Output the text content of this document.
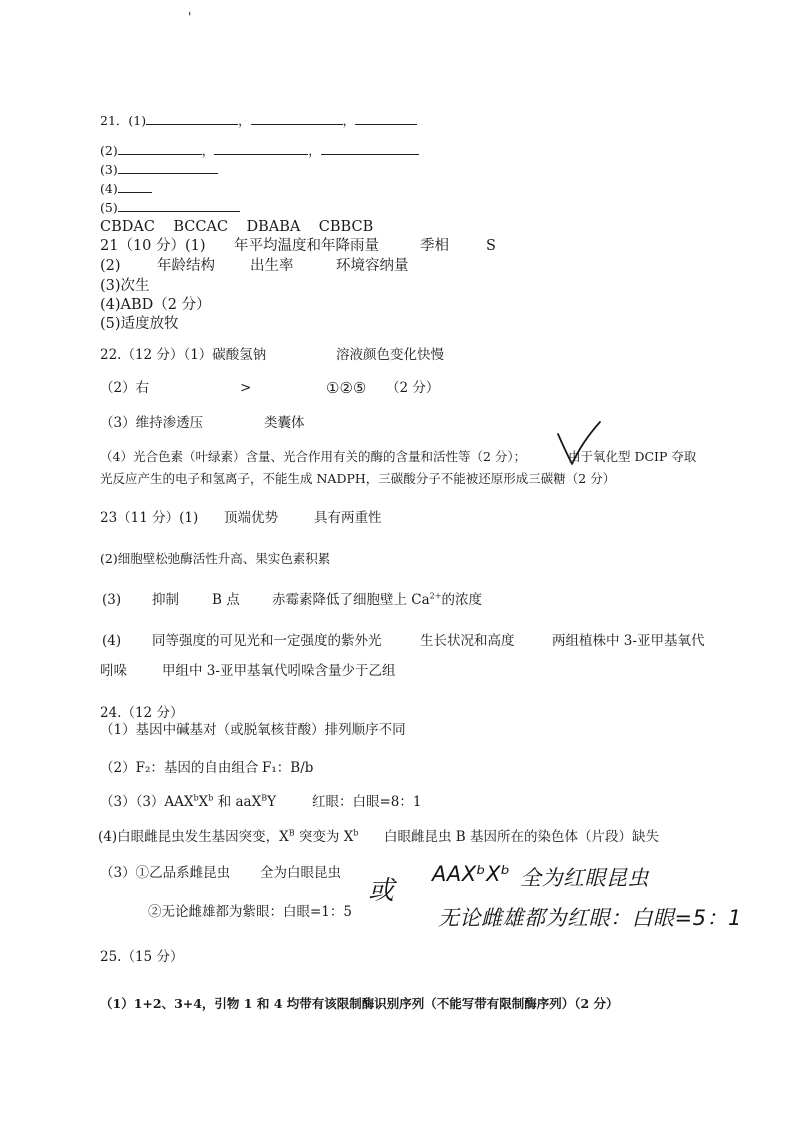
'
21．(1)	，	，
(2)	，	，
(3)
(4)
(5)
CBDAC    BCCAC    DBABA    CBBCB
21（10 分）(1) 年平均温度和年降雨量	季相	S
(2)	年龄结构 出生率	环境容纳量
(3)次生
(4)ABD（2 分）
(5)适度放牧
22.（12 分）（1）碳酸氢钠	溶液颜色变化快慢
（2）右	>	①②⑤ （2 分）
（3）维持渗透压	类囊体
（4）光合色素（叶绿素）含量、光合作用有关的酶的含量和活性等（2 分）；	由于氧化型 DCIP 夺取
光反应产生的电子和氢离子，不能生成 NADPH，三碳酸分子不能被还原形成三碳糖（2 分）
23（11 分）(1) 顶端优势	具有两重性
(2)细胞壁松弛酶活性升高、果实色素积累
(3) 抑制 B 点 赤霉素降低了细胞壁上 $Ca^{2+}$的浓度
(4) 同等强度的可见光和一定强度的紫外光	生长状况和高度	两组植株中 3-亚甲基氧代
吲哚	甲组中 3-亚甲基氧代吲哚含量少于乙组
24.（12 分）
（1）基因中碱基对（或脱氧核苷酸）排列顺序不同
（2）F₂：基因的自由组合 F₁：B/b
$(3)(3)AAX^bX^b$ 和 aaX$^B$Y	红眼：白眼=8：1
(4)白眼雌昆虫发生基因突变，$X^B$ 突变为 $X^b$ 白眼雌昆虫 B 基因所在的染色体（片段）缺失
（3）①乙品系雌昆虫 全为白眼昆虫
②无论雌雄都为紫眼：白眼=1：5
或
AAXᵇXᵇ 全为红眼昆虫
无论雌雄都为红眼：白眼=5：1
25.（15 分）
（1）1+2、3+4，引物 1 和 4 均带有该限制酶识别序列（不能写带有限制酶序列）（2 分）
